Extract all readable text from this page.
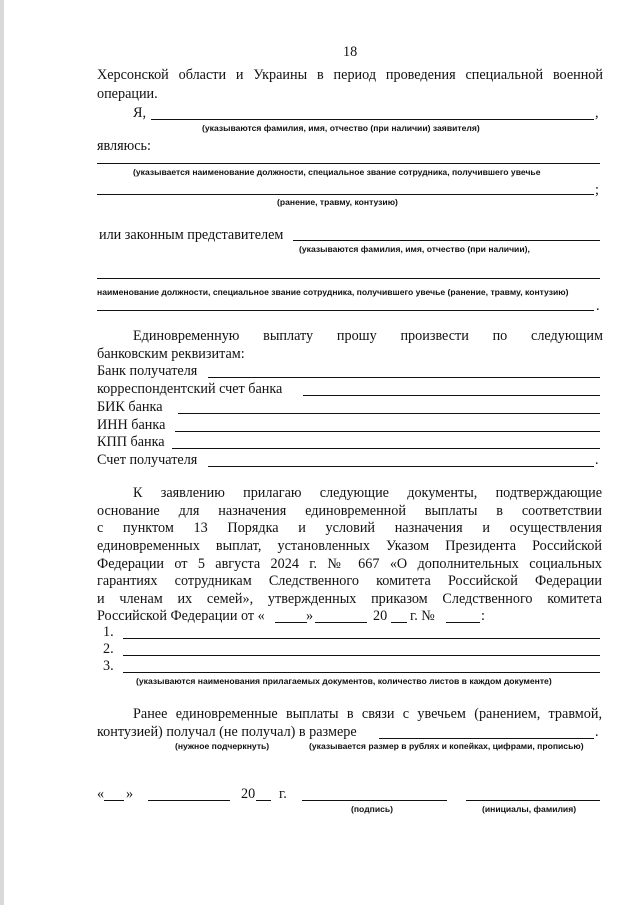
18
Херсонской области и Украины в период проведения специальной военной
операции.
Я,	,
(указываются фамилия, имя, отчество (при наличии) заявителя)
являюсь:
(указывается наименование должности, специальное звание сотрудника, получившего увечье
;
(ранение, травму, контузию)
или законным представителем
(указываются фамилия, имя, отчество (при наличии),
наименование должности, специальное звание сотрудника, получившего увечье (ранение, травму, контузию)
.
Единовременную выплату прошу произвести по следующим
банковским реквизитам:
Банк получателя
корреспондентский счет банка
БИК банка
ИНН банка
КПП банка
Счет получателя	.
К заявлению прилагаю следующие документы, подтверждающие
основание для назначения единовременной выплаты в соответствии
с пунктом 13 Порядка и условий назначения и осуществления
единовременных выплат, установленных Указом Президента Российской
Федерации от 5 августа 2024 г. № 667 «О дополнительных социальных
гарантиях сотрудникам Следственного комитета Российской Федерации
и членам их семей», утвержденных приказом Следственного комитета
Российской Федерации от «	»	20 г. №	:
1.
2.
3.
(указываются наименования прилагаемых документов, количество листов в каждом документе)
Ранее единовременные выплаты в связи с увечьем (ранением, травмой,
контузией) получал (не получал) в размере	.
(нужное подчеркнуть)	(указывается размер в рублях и копейках, цифрами, прописью)
« »	20 г.
(подпись)	(инициалы, фамилия)
